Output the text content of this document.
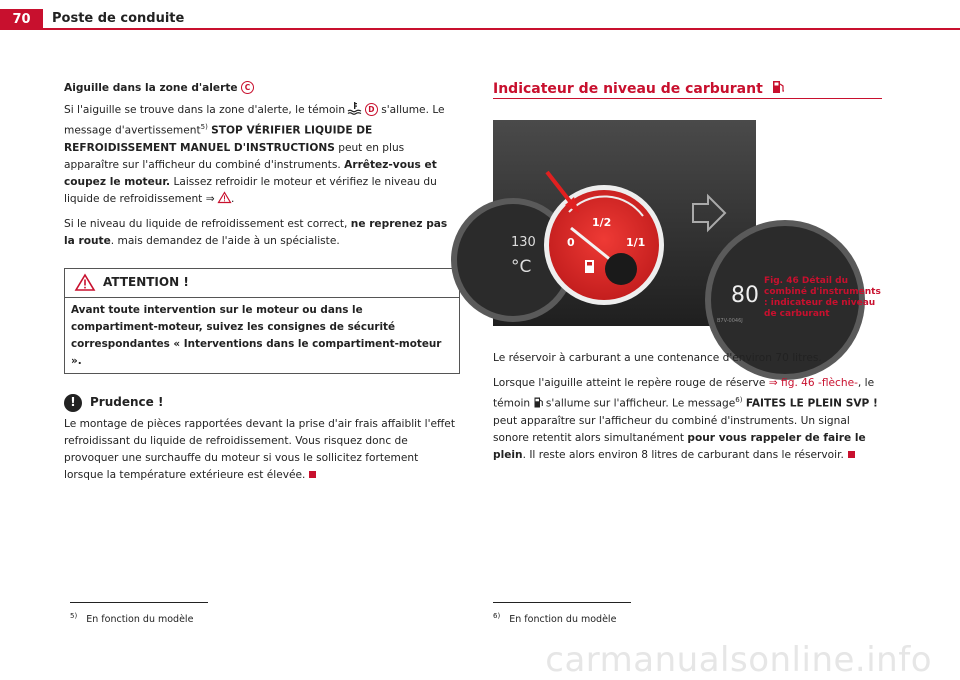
70	Poste de conduite

Aiguille dans la zone d'alerte C

Si l'aiguille se trouve dans la zone d'alerte, le témoin	D s'allume. Le message d'avertissement$^{5)}$ STOP VÉRIFIER LIQUIDE DE REFROIDISSEMENT MANUEL D'INSTRUCTIONS peut en plus apparaître sur l'afficheur du combiné d'instruments. Arrêtez-vous et coupez le moteur. Laissez refroidir le moteur et vérifiez le niveau du liquide de refroidissement ⇒ .

Si le niveau du liquide de refroidissement est correct, ne reprenez pas la route. mais demandez de l'aide à un spécialiste.

ATTENTION !
Avant toute intervention sur le moteur ou dans le compartiment-moteur, suivez les consignes de sécurité correspondantes « Interventions dans le compartiment-moteur ».
!	Prudence !

Le montage de pièces rapportées devant la prise d'air frais affaiblit l'effet refroidissant du liquide de refroidissement. Vous risquez donc de provoquer une surchauffe du moteur si vous le sollicitez fortement lorsque la température extérieure est élevée.

Indicateur de niveau de carburant
130
°C
0
1/2
1/1
80
B7V-0046J
Fig. 46 Détail du combiné d'instruments : indicateur de niveau de carburant

Le réservoir à carburant a une contenance d'environ 70 litres.

Lorsque l'aiguille atteint le repère rouge de réserve ⇒ fig. 46 -flèche-, le témoin s'allume sur l'afficheur. Le message$^{6)}$ FAITES LE PLEIN SVP ! peut apparaître sur l'afficheur du combiné d'instruments. Un signal sonore retentit alors simultanément pour vous rappeler de faire le plein. Il reste alors environ 8 litres de carburant dans le réservoir.

$^{5)}$ En fonction du modèle	$^{6)}$ En fonction du modèle
carmanualsonline.info
